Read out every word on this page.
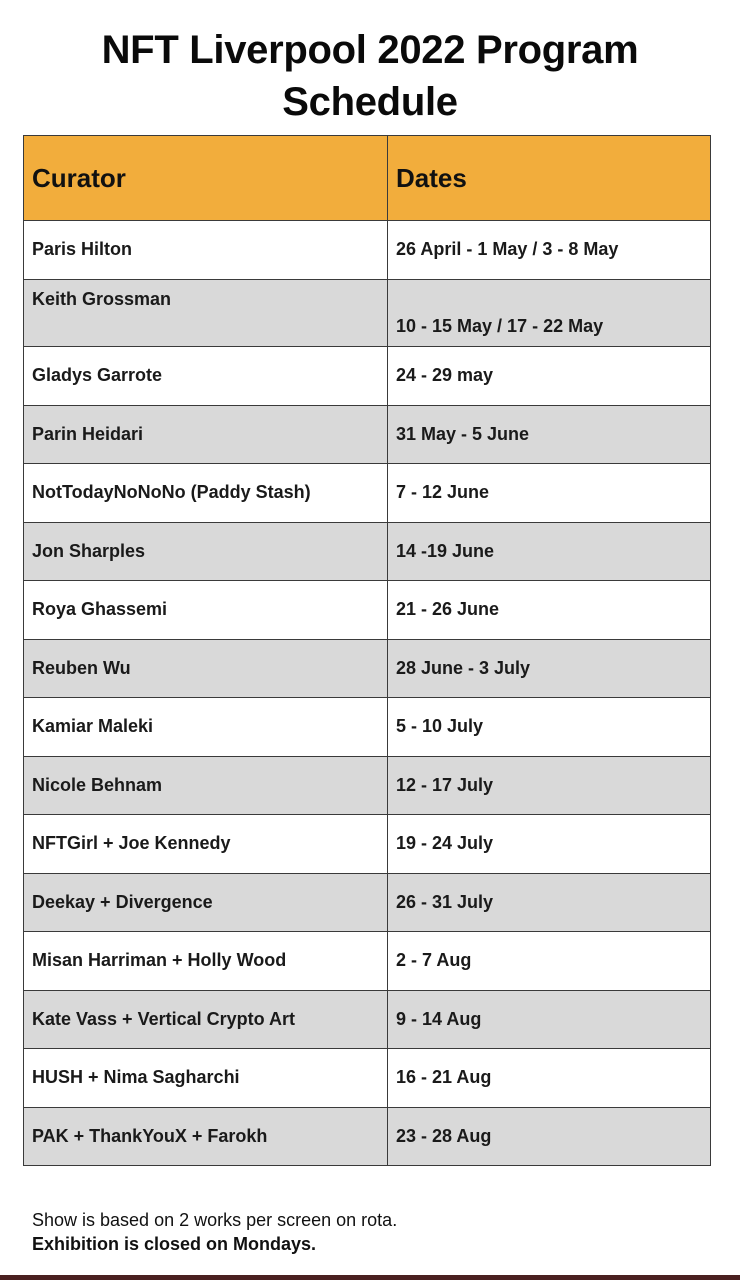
NFT Liverpool 2022 Program
Schedule
Curator	Dates
Paris Hilton	26 April - 1 May / 3 - 8 May
Keith Grossman	10 - 15 May / 17 - 22 May
Gladys Garrote	24 - 29 may
Parin Heidari	31 May - 5 June
NotTodayNoNoNo (Paddy Stash)	7 - 12 June
Jon Sharples	14 -19 June
Roya Ghassemi	21 - 26 June
Reuben Wu	28 June - 3 July
Kamiar Maleki	5 - 10 July
Nicole Behnam	12 - 17 July
NFTGirl + Joe Kennedy	19 - 24 July
Deekay + Divergence	26 - 31 July
Misan Harriman + Holly Wood	2 - 7 Aug
Kate Vass + Vertical Crypto Art	9 - 14 Aug
HUSH + Nima Sagharchi	16 - 21 Aug
PAK + ThankYouX + Farokh	23 - 28 Aug
Show is based on 2 works per screen on rota.
Exhibition is closed on Mondays.
